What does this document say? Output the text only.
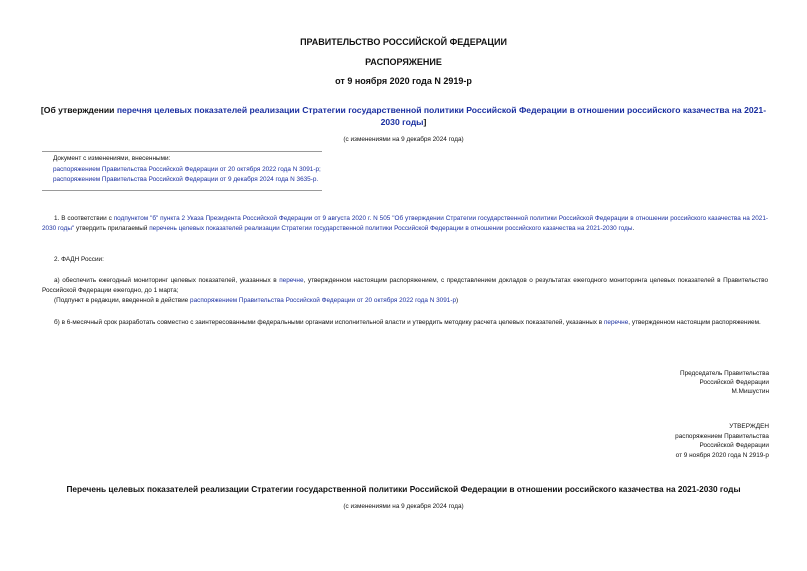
ПРАВИТЕЛЬСТВО РОССИЙСКОЙ ФЕДЕРАЦИИ
РАСПОРЯЖЕНИЕ
от 9 ноября 2020 года N 2919-р
[Об утверждении перечня целевых показателей реализации Стратегии государственной политики Российской Федерации в отношении российского казачества на 2021-2030 годы]
(с изменениями на 9 декабря 2024 года)
Документ с изменениями, внесенными:
распоряжением Правительства Российской Федерации от 20 октября 2022 года N 3091-р;
распоряжением Правительства Российской Федерации от 9 декабря 2024 года N 3635-р.
1. В соответствии с подпунктом "б" пункта 2 Указа Президента Российской Федерации от 9 августа 2020 г. N 505 "Об утверждении Стратегии государственной политики Российской Федерации в отношении российского казачества на 2021-2030 годы" утвердить прилагаемый перечень целевых показателей реализации Стратегии государственной политики Российской Федерации в отношении российского казачества на 2021-2030 годы.
2. ФАДН России:
а) обеспечить ежегодный мониторинг целевых показателей, указанных в перечне, утвержденном настоящим распоряжением, с представлением докладов о результатах ежегодного мониторинга целевых показателей в Правительство Российской Федерации ежегодно, до 1 марта;
(Подпункт в редакции, введенной в действие распоряжением Правительства Российской Федерации от 20 октября 2022 года N 3091-р)
б) в 6-месячный срок разработать совместно с заинтересованными федеральными органами исполнительной власти и утвердить методику расчета целевых показателей, указанных в перечне, утвержденном настоящим распоряжением.
Председатель Правительства
Российской Федерации
М.Мишустин
УТВЕРЖДЕН
распоряжением Правительства
Российской Федерации
от 9 ноября 2020 года N 2919-р
Перечень целевых показателей реализации Стратегии государственной политики Российской Федерации в отношении российского казачества на 2021-2030 годы
(с изменениями на 9 декабря 2024 года)
